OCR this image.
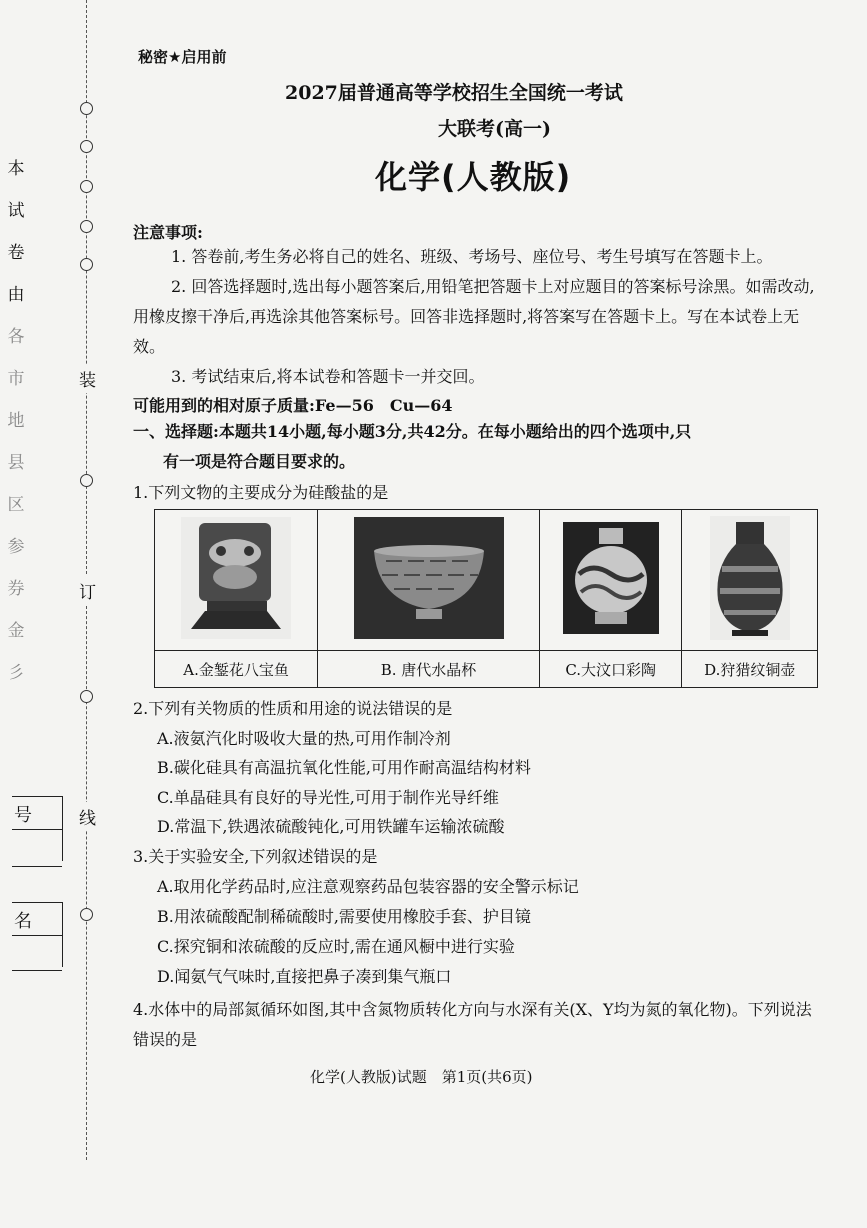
装
订
线
本
试
卷
由
各
市
地
县
区
参
券
金
彡
号
名
秘密★启用前
2027届普通高等学校招生全国统一考试
大联考(高一)
化学(人教版)
注意事项:
1. 答卷前,考生务必将自己的姓名、班级、考场号、座位号、考生号填写在答题卡上。
2. 回答选择题时,选出每小题答案后,用铅笔把答题卡上对应题目的答案标号涂黑。如需改动,用橡皮擦干净后,再选涂其他答案标号。回答非选择题时,将答案写在答题卡上。写在本试卷上无效。
3. 考试结束后,将本试卷和答题卡一并交回。
可能用到的相对原子质量:Fe—56　Cu—64
一、选择题:本题共14小题,每小题3分,共42分。在每小题给出的四个选项中,只
有一项是符合题目要求的。
1.下列文物的主要成分为硅酸盐的是

A.金錾花八宝鱼	B. 唐代水晶杯	C.大汶口彩陶	D.狩猎纹铜壶
2.下列有关物质的性质和用途的说法错误的是
A.液氨汽化时吸收大量的热,可用作制冷剂
B.碳化硅具有高温抗氧化性能,可用作耐高温结构材料
C.单晶硅具有良好的导光性,可用于制作光导纤维
D.常温下,铁遇浓硫酸钝化,可用铁罐车运输浓硫酸
3.关于实验安全,下列叙述错误的是
A.取用化学药品时,应注意观察药品包装容器的安全警示标记
B.用浓硫酸配制稀硫酸时,需要使用橡胶手套、护目镜
C.探究铜和浓硫酸的反应时,需在通风橱中进行实验
D.闻氨气气味时,直接把鼻子凑到集气瓶口
4.水体中的局部氮循环如图,其中含氮物质转化方向与水深有关(X、Y均为氮的氧化物)。下列说法错误的是
化学(人教版)试题　第1页(共6页)
